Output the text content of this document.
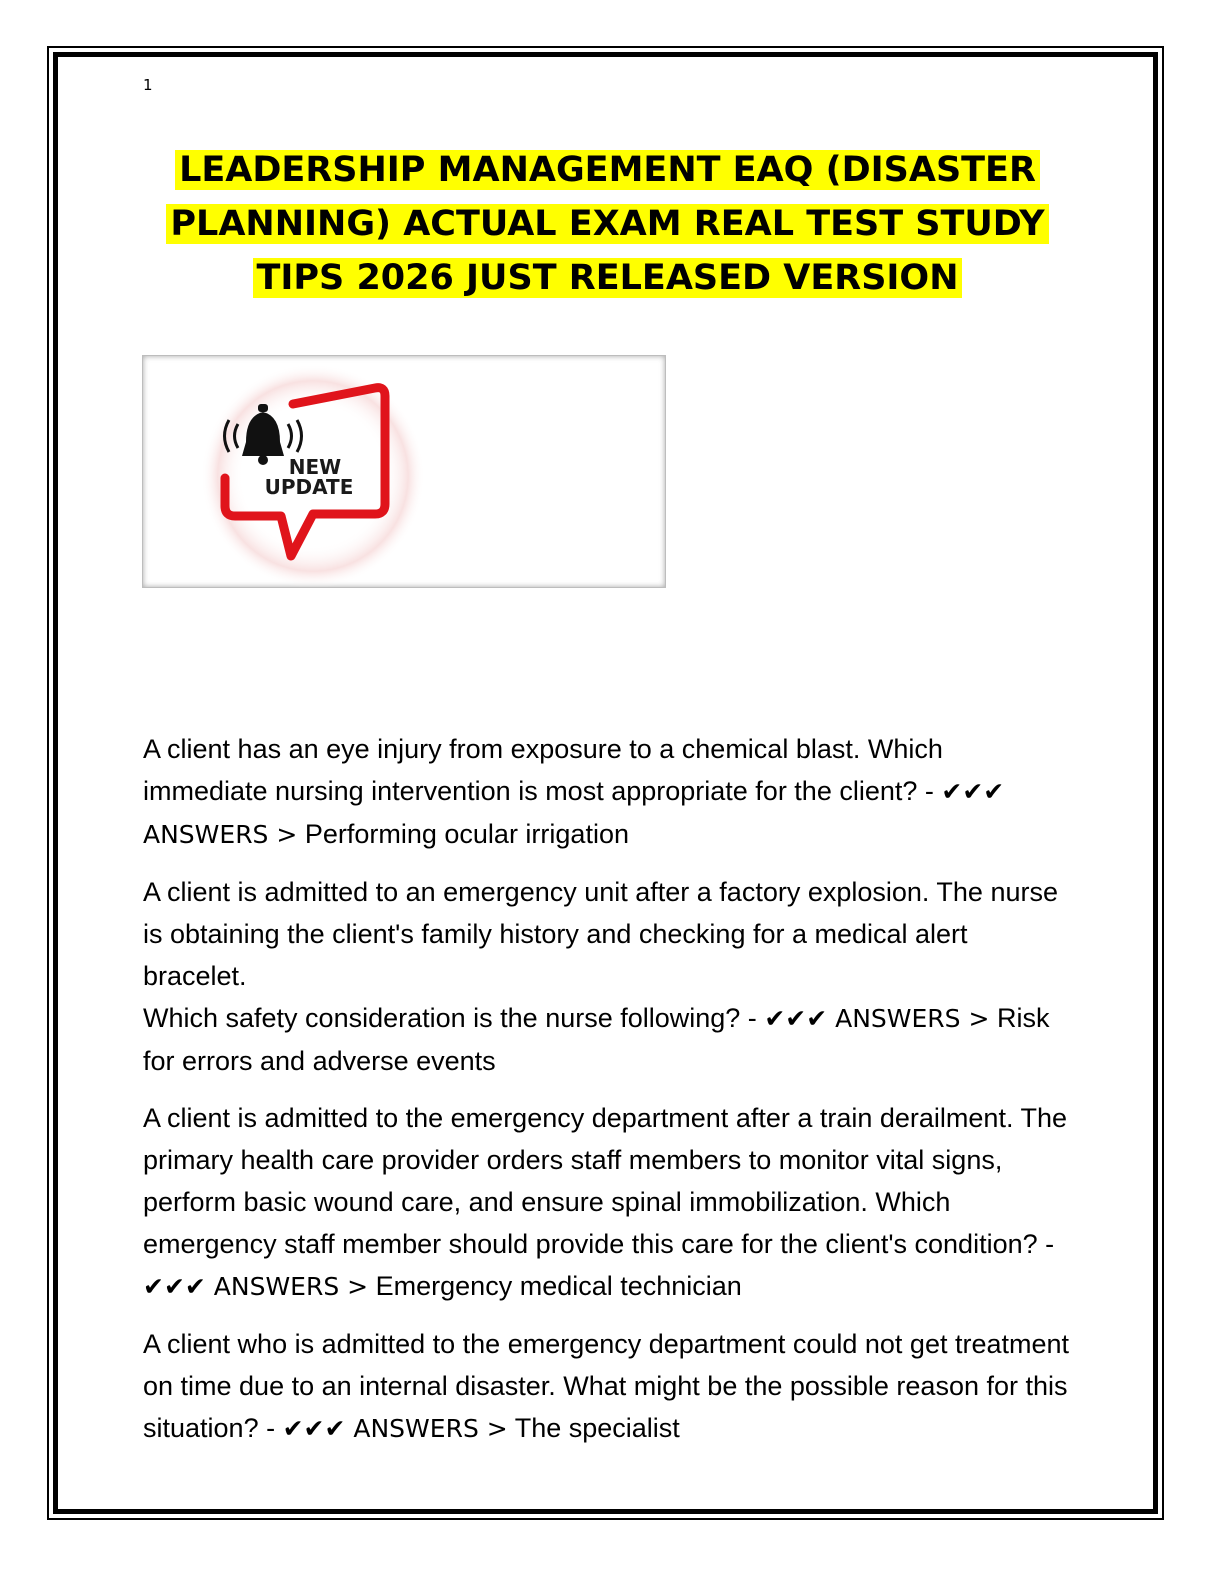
1
LEADERSHIP MANAGEMENT EAQ (DISASTER PLANNING) ACTUAL EXAM REAL TEST STUDY TIPS 2026 JUST RELEASED VERSION
NEW
UPDATE

A client has an eye injury from exposure to a chemical blast. Which immediate nursing intervention is most appropriate for the client? - ✔✔✔ ANSWERS > Performing ocular irrigation

A client is admitted to an emergency unit after a factory explosion. The nurse is obtaining the client's family history and checking for a medical alert bracelet.
Which safety consideration is the nurse following? - ✔✔✔ ANSWERS > Risk for errors and adverse events

A client is admitted to the emergency department after a train derailment. The primary health care provider orders staff members to monitor vital signs, perform basic wound care, and ensure spinal immobilization. Which emergency staff member should provide this care for the client's condition? - ✔✔✔ ANSWERS > Emergency medical technician

A client who is admitted to the emergency department could not get treatment on time due to an internal disaster. What might be the possible reason for this situation? - ✔✔✔ ANSWERS > The specialist
